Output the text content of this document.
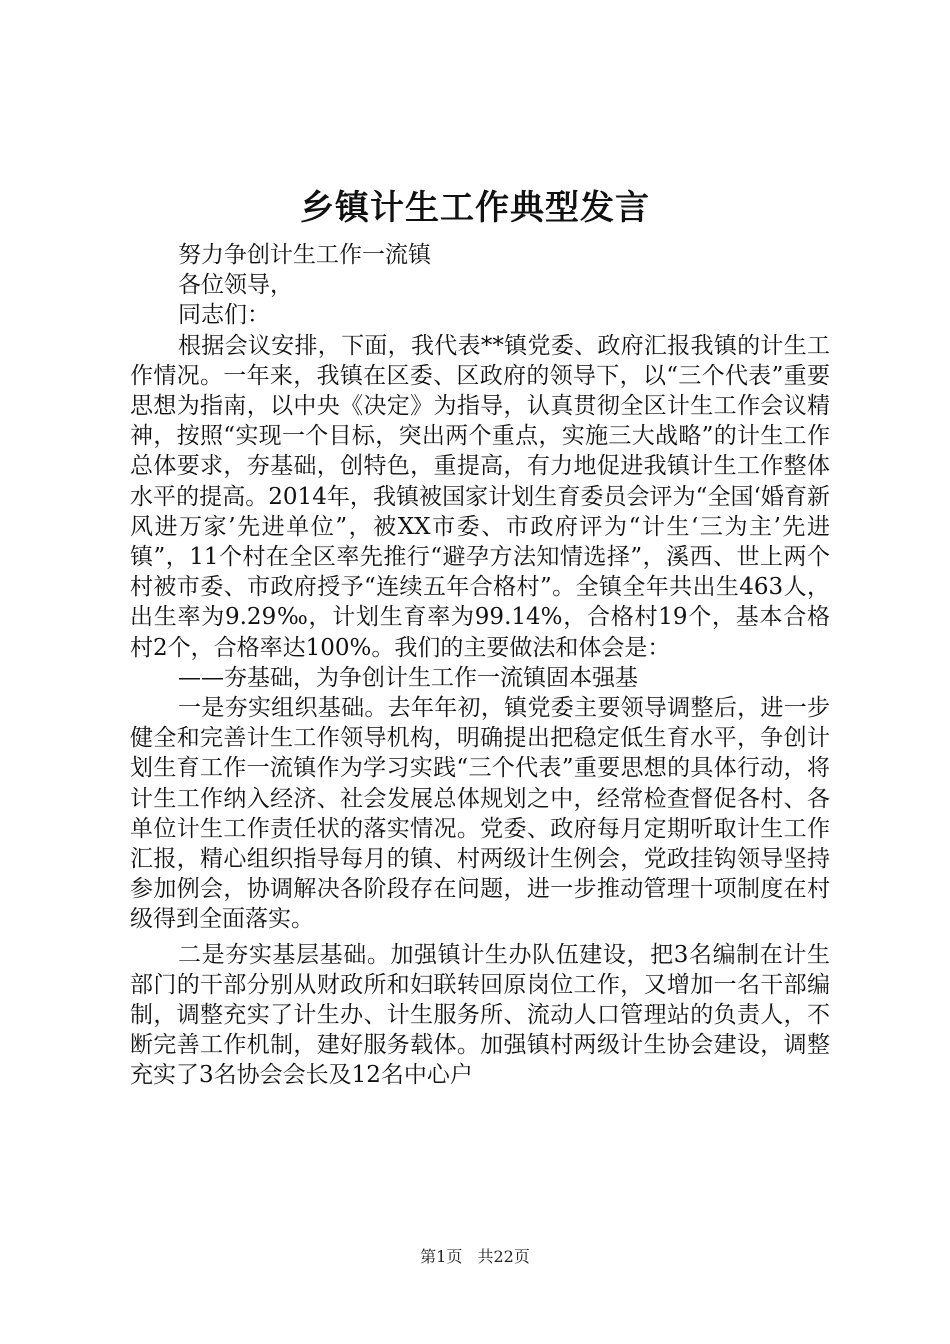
乡镇计生工作典型发言

努力争创计生工作一流镇

各位领导，

同志们：

根据会议安排，下面，我代表**镇党委、政府汇报我镇的计生工作情况。一年来，我镇在区委、区政府的领导下，以“三个代表”重要思想为指南，以中央《决定》为指导，认真贯彻全区计生工作会议精神，按照“实现一个目标，突出两个重点，实施三大战略”的计生工作总体要求，夯基础，创特色，重提高，有力地促进我镇计生工作整体水平的提高。2014年，我镇被国家计划生育委员会评为“全国‘婚育新风进万家’先进单位”，被XX市委、市政府评为“计生‘三为主’先进镇”，11个村在全区率先推行“避孕方法知情选择”，溪西、世上两个村被市委、市政府授予“连续五年合格村”。全镇全年共出生463人，出生率为9.29‰，计划生育率为99.14%，合格村19个，基本合格村2个，合格率达100%。我们的主要做法和体会是：

——夯基础，为争创计生工作一流镇固本强基

一是夯实组织基础。去年年初，镇党委主要领导调整后，进一步健全和完善计生工作领导机构，明确提出把稳定低生育水平，争创计划生育工作一流镇作为学习实践“三个代表”重要思想的具体行动，将计生工作纳入经济、社会发展总体规划之中，经常检查督促各村、各单位计生工作责任状的落实情况。党委、政府每月定期听取计生工作汇报，精心组织指导每月的镇、村两级计生例会，党政挂钩领导坚持参加例会，协调解决各阶段存在问题，进一步推动管理十项制度在村级得到全面落实。

二是夯实基层基础。加强镇计生办队伍建设，把3名编制在计生部门的干部分别从财政所和妇联转回原岗位工作，又增加一名干部编制，调整充实了计生办、计生服务所、流动人口管理站的负责人，不断完善工作机制，建好服务载体。加强镇村两级计生协会建设，调整充实了3名协会会长及12名中心户

第1页 共22页
